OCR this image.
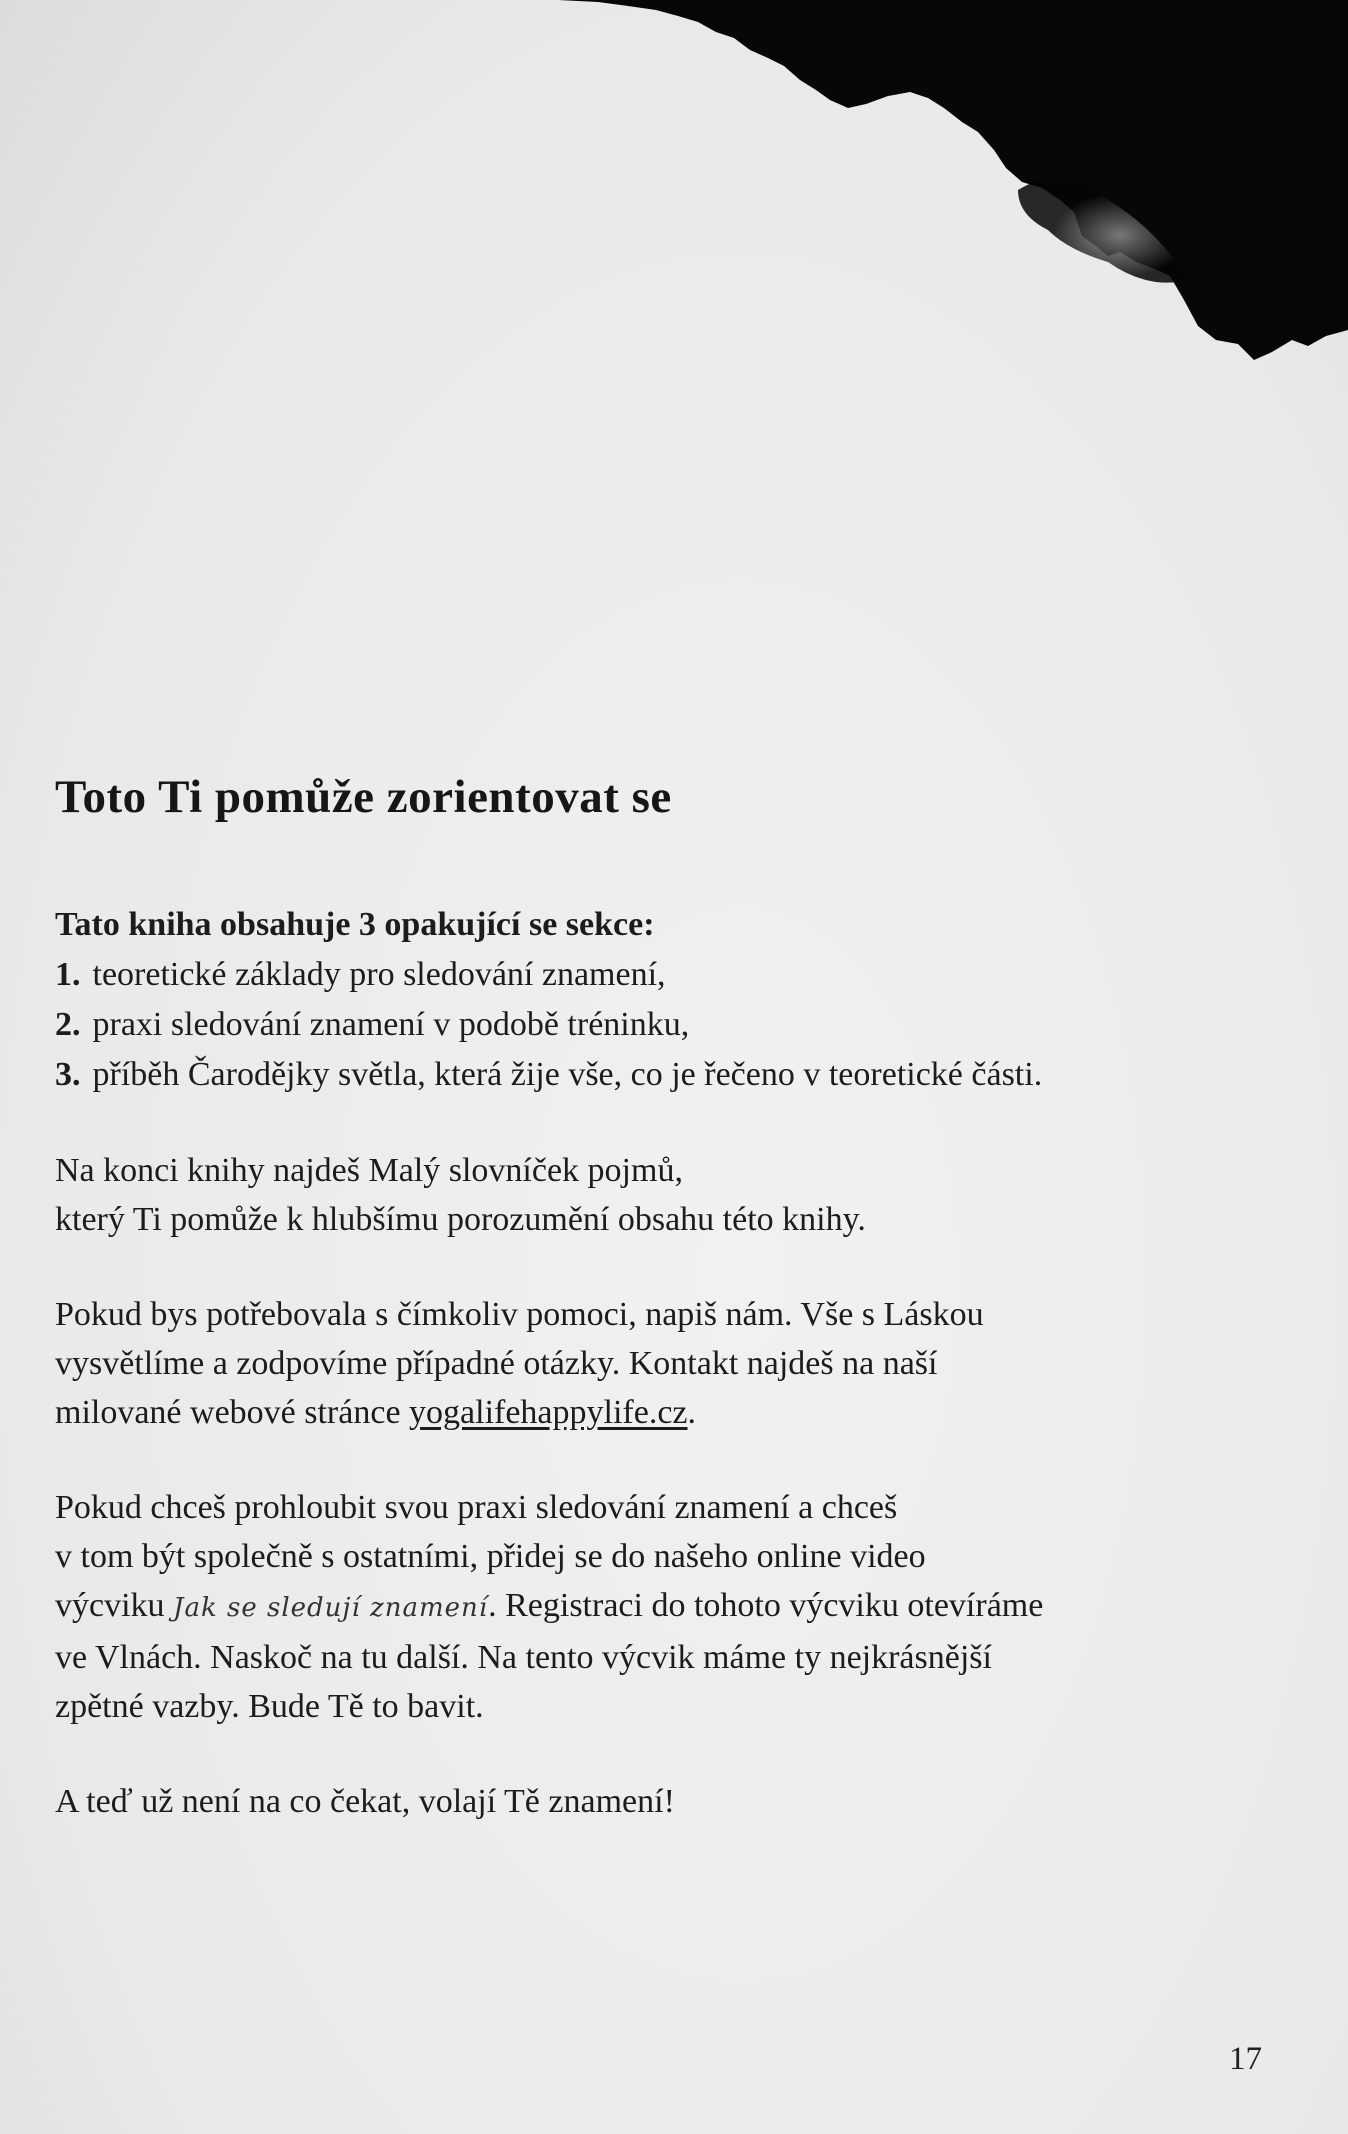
Toto Ti pomůže zorientovat se

Tato kniha obsahuje 3 opakující se sekce:

1. teoretické základy pro sledování znamení,
2. praxi sledování znamení v podobě tréninku,
3. příběh Čarodějky světla, která žije vše, co je řečeno v teoretické části.

Na konci knihy najdeš Malý slovníček pojmů,
který Ti pomůže k hlubšímu porozumění obsahu této knihy.

Pokud bys potřebovala s čímkoliv pomoci, napiš nám. Vše s Láskou
vysvětlíme a zodpovíme případné otázky. Kontakt najdeš na naší
milované webové stránce yogalifehappylife.cz.

Pokud chceš prohloubit svou praxi sledování znamení a chceš
v tom být společně s ostatními, přidej se do našeho online video
výcviku Jak se sledují znamení. Registraci do tohoto výcviku otevíráme
ve Vlnách. Naskoč na tu další. Na tento výcvik máme ty nejkrásnější
zpětné vazby. Bude Tě to bavit.

A teď už není na co čekat, volají Tě znamení!

17
